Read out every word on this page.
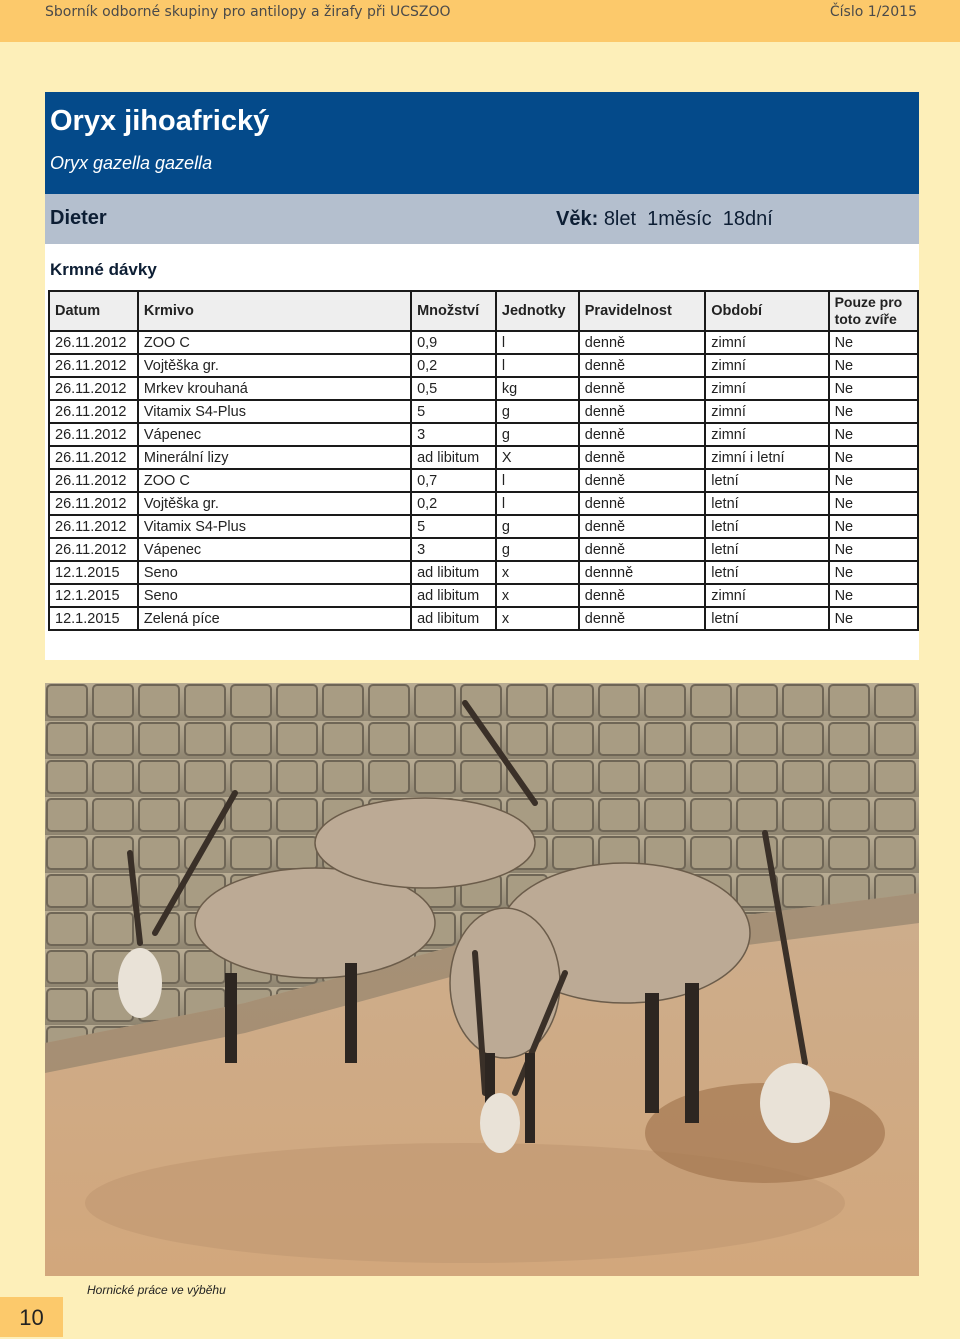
Sborník odborné skupiny pro antilopy a žirafy při UCSZOO	Číslo 1/2015
Oryx jihoafrický
Oryx gazella gazella
Dieter	Věk: 8let  1měsíc  18dní
Krmné dávky
Datum	Krmivo	Množství	Jednotky	Pravidelnost	Období	Pouze pro toto zvíře
26.11.2012	ZOO C	0,9	l	denně	zimní	Ne
26.11.2012	Vojtěška gr.	0,2	l	denně	zimní	Ne
26.11.2012	Mrkev krouhaná	0,5	kg	denně	zimní	Ne
26.11.2012	Vitamix S4-Plus	5	g	denně	zimní	Ne
26.11.2012	Vápenec	3	g	denně	zimní	Ne
26.11.2012	Minerální lizy	ad libitum	X	denně	zimní i letní	Ne
26.11.2012	ZOO C	0,7	l	denně	letní	Ne
26.11.2012	Vojtěška gr.	0,2	l	denně	letní	Ne
26.11.2012	Vitamix S4-Plus	5	g	denně	letní	Ne
26.11.2012	Vápenec	3	g	denně	letní	Ne
12.1.2015	Seno	ad libitum	x	dennně	letní	Ne
12.1.2015	Seno	ad libitum	x	denně	zimní	Ne
12.1.2015	Zelená píce	ad libitum	x	denně	letní	Ne
Hornické práce ve výběhu
10
